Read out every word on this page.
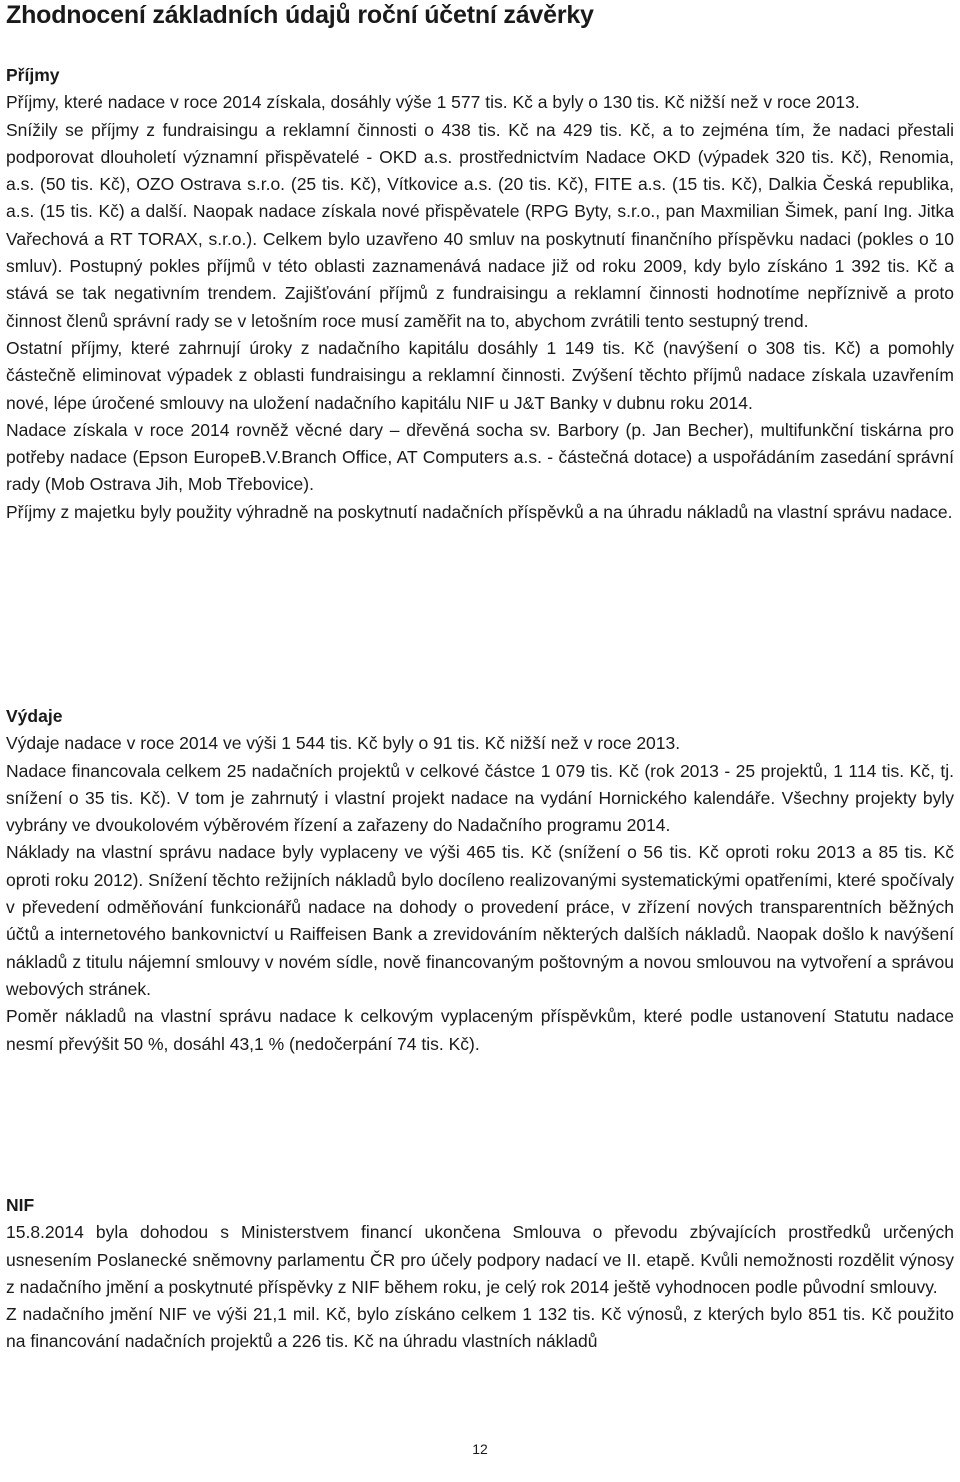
Zhodnocení základních údajů roční účetní závěrky
Příjmy

Příjmy, které nadace v roce 2014 získala, dosáhly výše 1 577 tis. Kč a byly o 130 tis. Kč nižší než v roce 2013.

Snížily se příjmy z fundraisingu a reklamní činnosti o 438 tis. Kč na 429 tis. Kč, a to zejména tím, že nadaci přestali podporovat dlouholetí významní přispěvatelé - OKD a.s. prostřednictvím Nadace OKD (výpadek 320 tis. Kč), Renomia, a.s. (50 tis. Kč), OZO Ostrava s.r.o. (25 tis. Kč), Vítkovice a.s. (20 tis. Kč), FITE a.s. (15 tis. Kč), Dalkia Česká republika, a.s. (15 tis. Kč) a další. Naopak nadace získala nové přispěvatele (RPG Byty, s.r.o., pan Maxmilian Šimek, paní Ing. Jitka Vařechová a RT TORAX, s.r.o.). Celkem bylo uzavřeno 40 smluv na poskytnutí finančního příspěvku nadaci (pokles o 10 smluv). Postupný pokles příjmů v této oblasti zaznamenává nadace již od roku 2009, kdy bylo získáno 1 392 tis. Kč a stává se tak negativním trendem. Zajišťování příjmů z fundraisingu a reklamní činnosti hodnotíme nepříznivě a proto činnost členů správní rady se v letošním roce musí zaměřit na to, abychom zvrátili tento sestupný trend.

Ostatní příjmy, které zahrnují úroky z nadačního kapitálu dosáhly 1 149 tis. Kč (navýšení o 308 tis. Kč) a pomohly částečně eliminovat výpadek z oblasti fundraisingu a reklamní činnosti. Zvýšení těchto příjmů nadace získala uzavřením nové, lépe úročené smlouvy na uložení nadačního kapitálu NIF u J&T Banky v dubnu roku 2014.

Nadace získala v roce 2014 rovněž věcné dary – dřevěná socha sv. Barbory (p. Jan Becher), multifunkční tiskárna pro potřeby nadace (Epson EuropeB.V.Branch Office, AT Computers a.s. - částečná dotace) a uspořádáním zasedání správní rady (Mob Ostrava Jih, Mob Třebovice).

Příjmy z majetku byly použity výhradně na poskytnutí nadačních příspěvků a na úhradu nákladů na vlastní správu nadace.

Výdaje

Výdaje nadace v roce 2014 ve výši 1 544 tis. Kč byly o 91 tis. Kč nižší než v roce 2013.

Nadace financovala celkem 25 nadačních projektů v celkové částce 1 079 tis. Kč (rok 2013 - 25 projektů, 1 114 tis. Kč, tj. snížení o 35 tis. Kč). V tom je zahrnutý i vlastní projekt nadace na vydání Hornického kalendáře. Všechny projekty byly vybrány ve dvoukolovém výběrovém řízení a zařazeny do Nadačního programu 2014.

Náklady na vlastní správu nadace byly vyplaceny ve výši 465 tis. Kč (snížení o 56 tis. Kč oproti roku 2013 a 85 tis. Kč oproti roku 2012). Snížení těchto režijních nákladů bylo docíleno realizovanými systematickými opatřeními, které spočívaly v převedení odměňování funkcionářů nadace na dohody o provedení práce, v zřízení nových transparentních běžných účtů a internetového bankovnictví u Raiffeisen Bank a zrevidováním některých dalších nákladů. Naopak došlo k navýšení nákladů z titulu nájemní smlouvy v novém sídle, nově financovaným poštovným a novou smlouvou na vytvoření a správou webových stránek.

Poměr nákladů na vlastní správu nadace k celkovým vyplaceným příspěvkům, které podle ustanovení Statutu nadace nesmí převýšit 50 %, dosáhl 43,1 % (nedočerpání 74 tis. Kč).

NIF

15.8.2014 byla dohodou s Ministerstvem financí ukončena Smlouva o převodu zbývajících prostředků určených usnesením Poslanecké sněmovny parlamentu ČR pro účely podpory nadací ve II. etapě. Kvůli nemožnosti rozdělit výnosy z nadačního jmění a poskytnuté příspěvky z NIF během roku, je celý rok 2014 ještě vyhodnocen podle původní smlouvy.

Z nadačního jmění NIF ve výši 21,1 mil. Kč, bylo získáno celkem 1 132 tis. Kč výnosů, z kterých bylo 851 tis. Kč použito na financování nadačních projektů a 226 tis. Kč na úhradu vlastních nákladů

12
